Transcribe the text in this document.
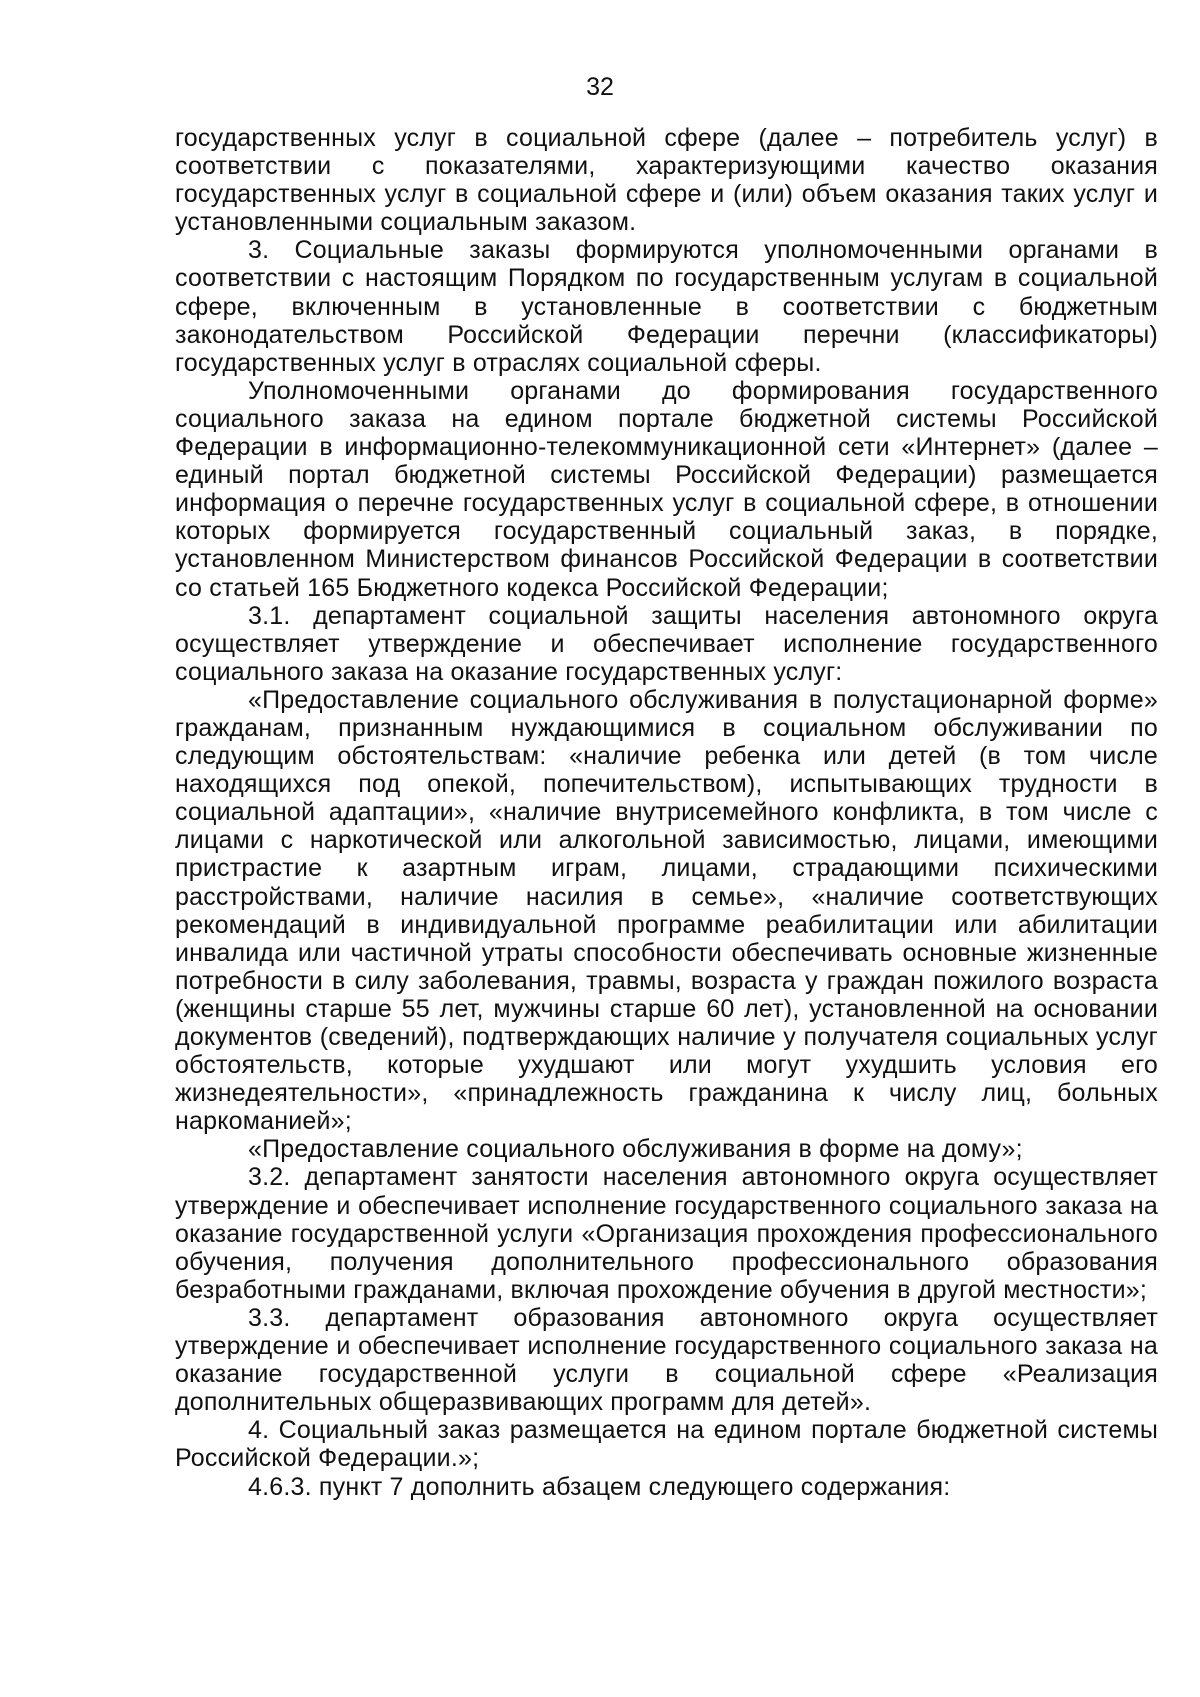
32

государственных услуг в социальной сфере (далее – потребитель услуг) в соответствии с показателями, характеризующими качество оказания государственных услуг в социальной сфере и (или) объем оказания таких услуг и установленными социальным заказом.

3. Социальные заказы формируются уполномоченными органами в соответствии с настоящим Порядком по государственным услугам в социальной сфере, включенным в установленные в соответствии с бюджетным законодательством Российской Федерации перечни (классификаторы) государственных услуг в отраслях социальной сферы.

Уполномоченными органами до формирования государственного социального заказа на едином портале бюджетной системы Российской Федерации в информационно-телекоммуникационной сети «Интернет» (далее – единый портал бюджетной системы Российской Федерации) размещается информация о перечне государственных услуг в социальной сфере, в отношении которых формируется государственный социальный заказ, в порядке, установленном Министерством финансов Российской Федерации в соответствии со статьей 165 Бюджетного кодекса Российской Федерации;

3.1. департамент социальной защиты населения автономного округа осуществляет утверждение и обеспечивает исполнение государственного социального заказа на оказание государственных услуг:

«Предоставление социального обслуживания в полустационарной форме» гражданам, признанным нуждающимися в социальном обслуживании по следующим обстоятельствам: «наличие ребенка или детей (в том числе находящихся под опекой, попечительством), испытывающих трудности в социальной адаптации», «наличие внутрисемейного конфликта, в том числе с лицами с наркотической или алкогольной зависимостью, лицами, имеющими пристрастие к азартным играм, лицами, страдающими психическими расстройствами, наличие насилия в семье», «наличие соответствующих рекомендаций в индивидуальной программе реабилитации или абилитации инвалида или частичной утраты способности обеспечивать основные жизненные потребности в силу заболевания, травмы, возраста у граждан пожилого возраста (женщины старше 55 лет, мужчины старше 60 лет), установленной на основании документов (сведений), подтверждающих наличие у получателя социальных услуг обстоятельств, которые ухудшают или могут ухудшить условия его жизнедеятельности», «принадлежность гражданина к числу лиц, больных наркоманией»;

«Предоставление социального обслуживания в форме на дому»;

3.2. департамент занятости населения автономного округа осуществляет утверждение и обеспечивает исполнение государственного социального заказа на оказание государственной услуги «Организация прохождения профессионального обучения, получения дополнительного профессионального образования безработными гражданами, включая прохождение обучения в другой местности»;

3.3. департамент образования автономного округа осуществляет утверждение и обеспечивает исполнение государственного социального заказа на оказание государственной услуги в социальной сфере «Реализация дополнительных общеразвивающих программ для детей».

4. Социальный заказ размещается на едином портале бюджетной системы Российской Федерации.»;

4.6.3. пункт 7 дополнить абзацем следующего содержания:
